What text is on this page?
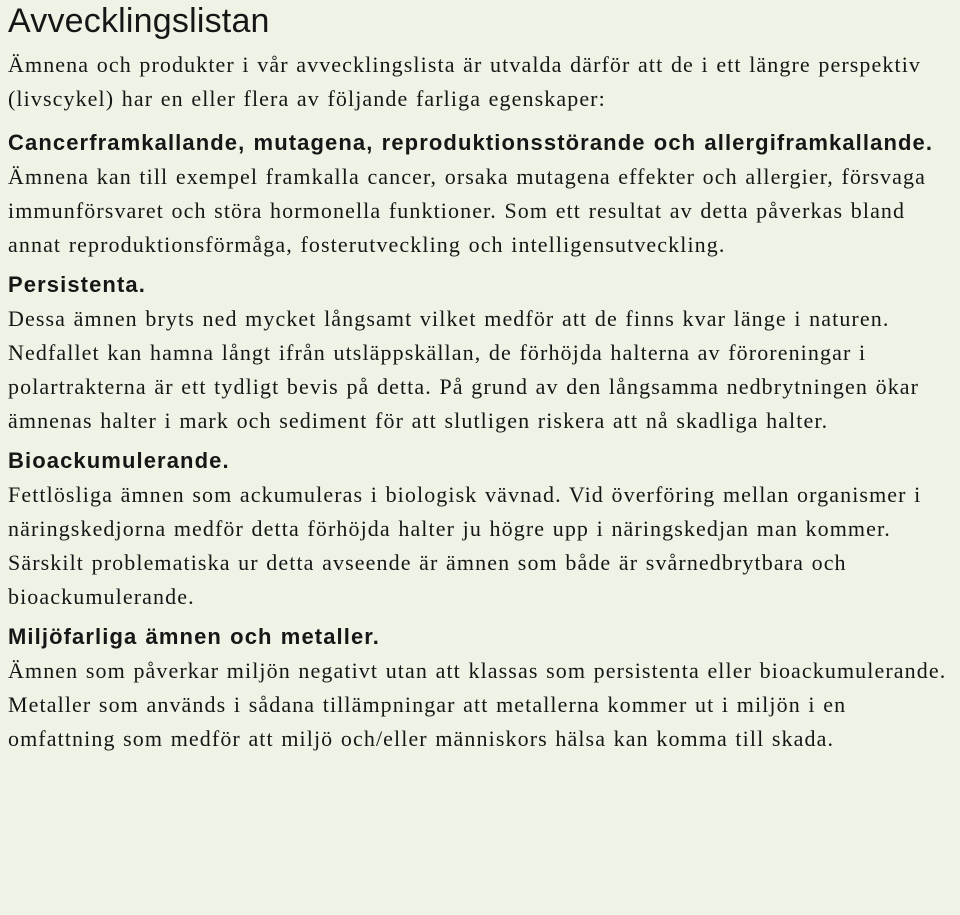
Avvecklingslistan

Ämnena och produkter i vår avvecklingslista är utvalda därför att de i ett längre perspektiv (livscykel) har en eller flera av följande farliga egenskaper:

Cancerframkallande, mutagena, reproduktionsstörande och allergiframkallande.

Ämnena kan till exempel framkalla cancer, orsaka mutagena effekter och allergier, försvaga immunförsvaret och störa hormonella funktioner. Som ett resultat av detta påverkas bland annat reproduktionsförmåga, fosterutveckling och intelligensutveckling.

Persistenta.

Dessa ämnen bryts ned mycket långsamt vilket medför att de finns kvar länge i naturen. Nedfallet kan hamna långt ifrån utsläppskällan, de förhöjda halterna av föroreningar i polartrakterna är ett tydligt bevis på detta. På grund av den långsamma nedbrytningen ökar ämnenas halter i mark och sediment för att slutligen riskera att nå skadliga halter.

Bioackumulerande.

Fettlösliga ämnen som ackumuleras i biologisk vävnad. Vid överföring mellan organismer i näringskedjorna medför detta förhöjda halter ju högre upp i näringskedjan man kommer. Särskilt problematiska ur detta avseende är ämnen som både är svårnedbrytbara och bioackumulerande.

Miljöfarliga ämnen och metaller.

Ämnen som påverkar miljön negativt utan att klassas som persistenta eller bioackumulerande. Metaller som används i sådana tillämpningar att metallerna kommer ut i miljön i en omfattning som medför att miljö och/eller människors hälsa kan komma till skada.
